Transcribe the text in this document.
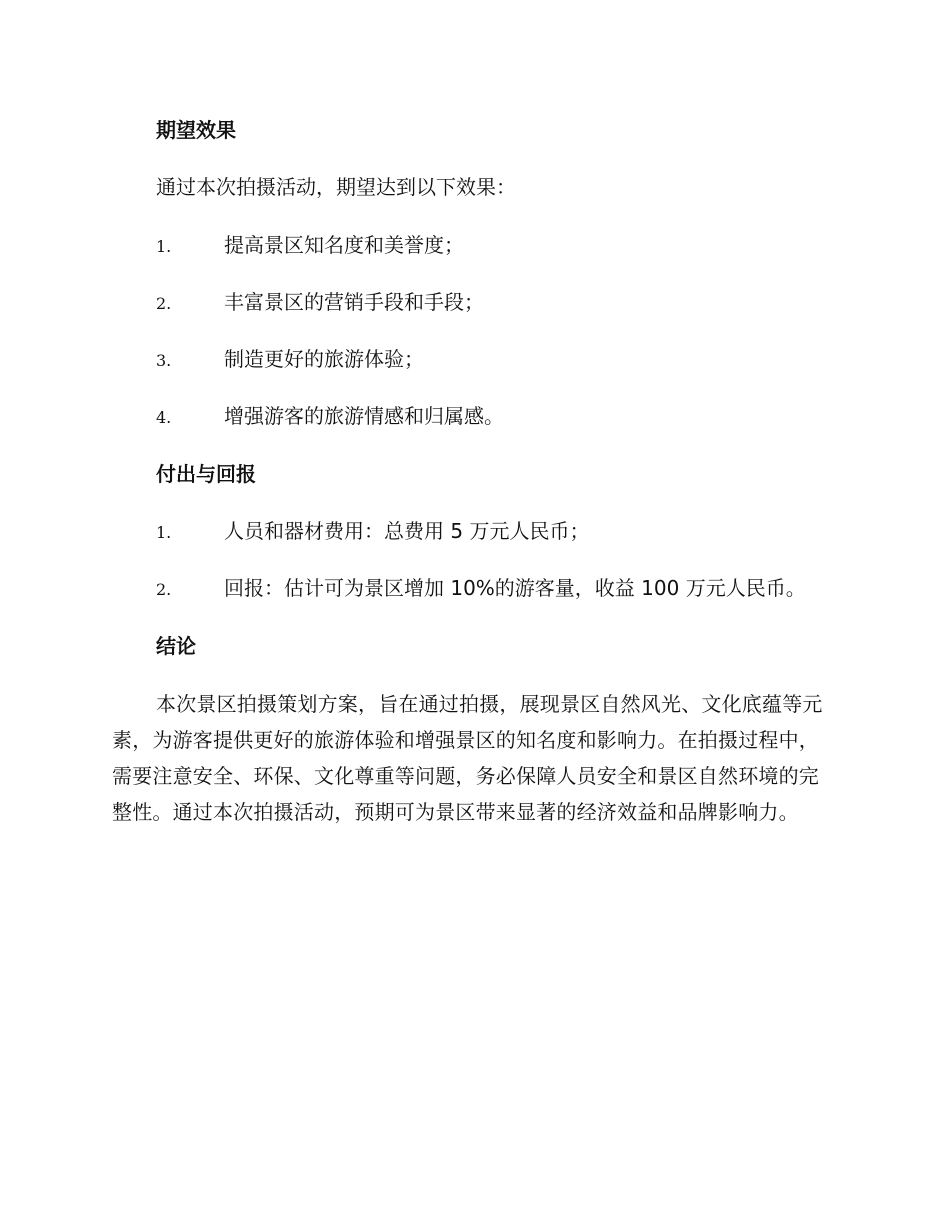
期望效果
通过本次拍摄活动，期望达到以下效果：
1.	提高景区知名度和美誉度；
2.	丰富景区的营销手段和手段；
3.	制造更好的旅游体验；
4.	增强游客的旅游情感和归属感。
付出与回报
1.	人员和器材费用：总费用 5 万元人民币；
2.	回报：估计可为景区增加 10%的游客量，收益 100 万元人民币。
结论
本次景区拍摄策划方案，旨在通过拍摄，展现景区自然风光、文化底蕴等元素，为游客提供更好的旅游体验和增强景区的知名度和影响力。在拍摄过程中，需要注意安全、环保、文化尊重等问题，务必保障人员安全和景区自然环境的完整性。通过本次拍摄活动，预期可为景区带来显著的经济效益和品牌影响力。
